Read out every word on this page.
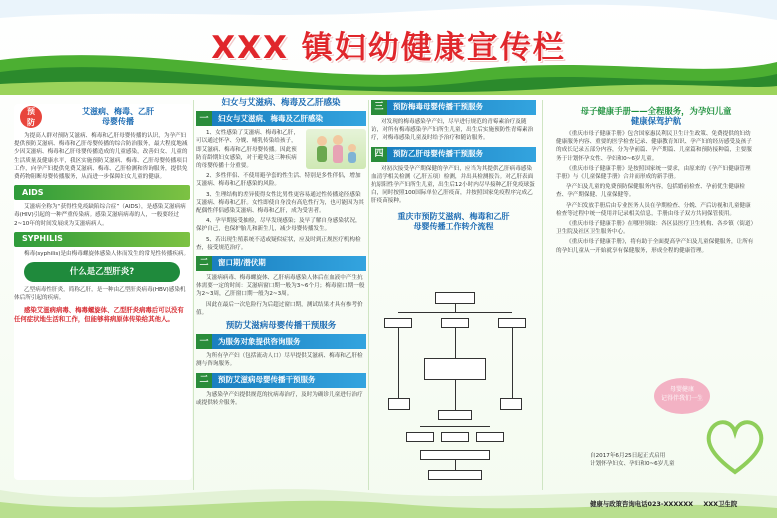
XXX 镇妇幼健康宣传栏
预
防
艾滋病、梅毒、乙肝
母婴传播

为提高人群对预防艾滋病、梅毒和乙肝母婴传播的认识，为孕产妇提供预防艾滋病、梅毒和乙肝母婴传播的综合防治服务，最大程度地减少因艾滋病、梅毒和乙肝母婴传播造成的儿童感染，改善妇女、儿童的生活质量及健康水平，我区实施预防艾滋病、梅毒、乙肝母婴传播项目工作，向孕产妇提供免费艾滋病、梅毒、乙肝检测和咨询服务，提供免费药物阻断母婴传播服务，从而进一步保障妇女儿童的健康。

AIDS

艾滋病全称为“获得性免疫缺陷综合症”（AIDS），是感染艾滋病病毒(HIV)引起的一种严重传染病。感染艾滋病病毒的人，一般要经过2~10年的时间发展成为艾滋病病人。

SYPHILIS

梅毒(syphilis)是由梅毒螺旋体感染人体而发生的常见性传播疾病。

什么是乙型肝炎?

乙型病毒性肝炎，简称乙肝，是一种由乙型肝炎病毒(HBV)感染机体后所引起的疾病。

感染艾滋病病毒、梅毒螺旋体、乙型肝炎病毒后可以没有任何症状地生活和工作，但能够将病原体传染给其他人。

妇女与艾滋病、梅毒及乙肝感染
一	妇女与艾滋病、梅毒及乙肝感染

1、女性感染了艾滋病、梅毒和乙肝，可以通过怀孕、分娩、哺乳传染给孩子，即艾滋病、梅毒和乙肝母婴传播。因此预防育龄期妇女感染，对于避免这三种疾病的母婴传播十分重要。

2、多性伴侣、不使用避孕套的性生活、特别是多性伴侣，增加艾滋病、梅毒和乙肝感染的风险。

3、生理结构的差异使得女性比男性更容易通过性传播途径感染艾滋病、梅毒和乙肝。女性即使自身没有高危性行为，也可能因为其配偶性伴侣感染艾滋病、梅毒和乙肝，成为受害者。

4、孕早期接受抽检，尽早发现感染；及早了解自身感染状况，保护自己，也保护胎儿和新生儿，减少母婴传播发生。

5、若出现生殖系统不适或疑似症状，应及时到正规医疗机构检查，接受规范治疗。

二	窗口期/潜伏期

艾滋病病毒、梅毒螺旋体、乙肝病毒感染人体后在血液中产生抗体需要一定的时间：艾滋病窗口期一般为3~6个月；梅毒窗口期一般为2~3周，乙肝窗口期一般为2~3周。

因此在最后一次危险行为后超过窗口期，测试结果才具有参考价值。

预防艾滋病母婴传播干预服务
一	为服务对象提供咨询服务

为所有孕产妇（包括流动人口）尽早提供艾滋病、梅毒和乙肝检测与咨询服务。

二	预防艾滋病母婴传播干预服务

为感染孕产妇提供规范的抗病毒治疗，及时为确诊儿童进行治疗或提供转介服务。

三	预防梅毒母婴传播干预服务

对发现的梅毒感染孕产妇，尽早进行规范的青霉素治疗及随访，对所有梅毒感染孕产妇所生儿童，出生后实施预防性青霉素治疗，对梅毒感染儿童及时给予治疗和随访服务。

四	预防乙肝母婴传播干预服务

对初次接受孕产期保健的孕产妇，应当为其提供乙肝病毒感染血清学相关检测（乙肝五项）检测，并出具检测报告。对乙肝表面抗原阳性孕产妇所生儿童，出生后12小时内尽早接种乙肝免疫球蛋白，同时按照100国际单位乙肝疫苗，并按照国家免疫程序完成乙肝疫苗接种。

重庆市预防艾滋病、梅毒和乙肝
母婴传播工作转介流程
母子健康手册——全程服务，为孕妇儿童
健康保驾护航

《重庆市母子健康手册》包含国家惠民利民卫生计生政策、免费提供的妇幼健康服务内容、重要的医学检查记录、健康教育知识、孕产妇的经历感受及孩子的成长记录五部分内容，分为孕前篇、孕产期篇、儿童篇和预防接种篇，主要服务于计划怀孕女性、孕妇和0~6岁儿童。

《重庆市母子健康手册》是按照国家统一要求，由原来的《孕产妇健康管理手册》与《儿童保健手册》合并而形成的新手册。

孕产妇及儿童的免费预防保健服务内容，包括婚前检查、孕前优生健康检查、孕产期保健、儿童保健等。

孕产妇发放手册后由专业医务人员在孕期检查、分娩、产后访视和儿童健康检查等过程中统一使用并记录相关信息，手册由母子双方共同保管使用。

《重庆市母子健康手册》在哪里领取：各区县医疗卫生机构、各乡镇（街道）卫生院及社区卫生服务中心。

《重庆市母子健康手册》，将有助于全面提高孕产妇及儿童保健服务，让所有的孕妇儿童从一开始就享有保健服务，形成全程的健康管理。

母婴健康
记得伴我们一生
自2017年6月25日起正式启用
计划怀孕妇女、孕妇和0~6岁儿童
健康与政策咨询电话023-XXXXXX XXX卫生院
